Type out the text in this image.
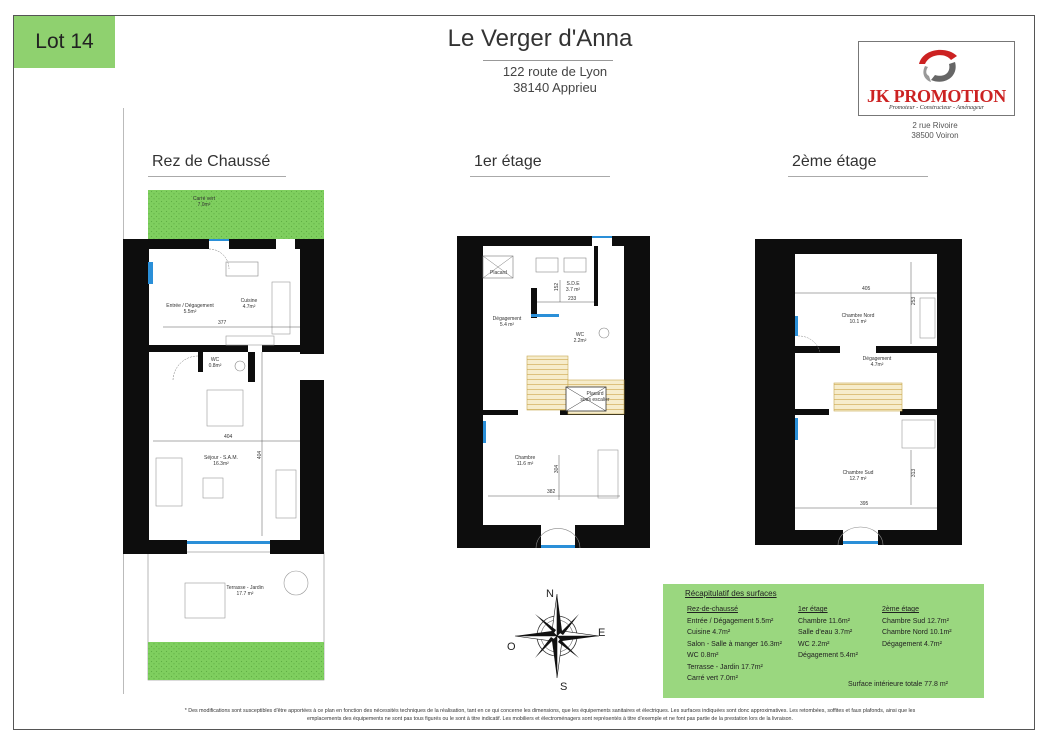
Lot 14	Le Verger d'Anna
122 route de Lyon
38140 Apprieu	JK PROMOTION
Promoteur - Constructeur - Aménageur
2 rue Rivoire
38500 Voiron
Rez de Chaussé	1er étage	2ème étage
Carré vert
7.0m²
Entrée / Dégagement
5.5m²
Cuisine
4.7m²
WC
0.8m²
Séjour - S.A.M.
16.3m²
Terrasse - Jardin
17.7 m²
Placard
S.D.E
3.7 m²
Dégagement
5.4 m²
WC
2.2m²
Placard
sous escalier
Chambre
11.6 m²
Chambre Nord
10.1 m²
Dégagement
4.7m²
Chambre Sud
12.7 m²
377
404
404
152
233
304
382
405
253
313
395
N
E
S
O
Récapitulatif des surfaces
Rez-de-chaussé
Entrée / Dégagement 5.5m²
Cuisine 4.7m²
Salon - Salle à manger 16.3m²
WC 0.8m²
Terrasse - Jardin 17.7m²
Carré vert 7.0m²
1er étage
Chambre 11.6m²
Salle d'eau 3.7m²
WC 2.2m²
Dégagement 5.4m²
2ème étage
Chambre Sud 12.7m²
Chambre Nord 10.1m²
Dégagement 4.7m²
Surface intérieure totale 77.8 m²
* Des modifications sont susceptibles d'être apportées à ce plan en fonction des nécessités techniques de la réalisation, tant en ce qui concerne les dimensions, que les équipements sanitaires et électriques. Les surfaces indiquées sont donc approximatives. Les retombées, soffites et faux plafonds, ainsi que les emplacements des équipements ne sont pas tous figurés ou le sont à titre indicatif. Les mobiliers et électroménagers sont représentés à titre d'exemple et ne font pas partie de la prestation lors de la livraison.
